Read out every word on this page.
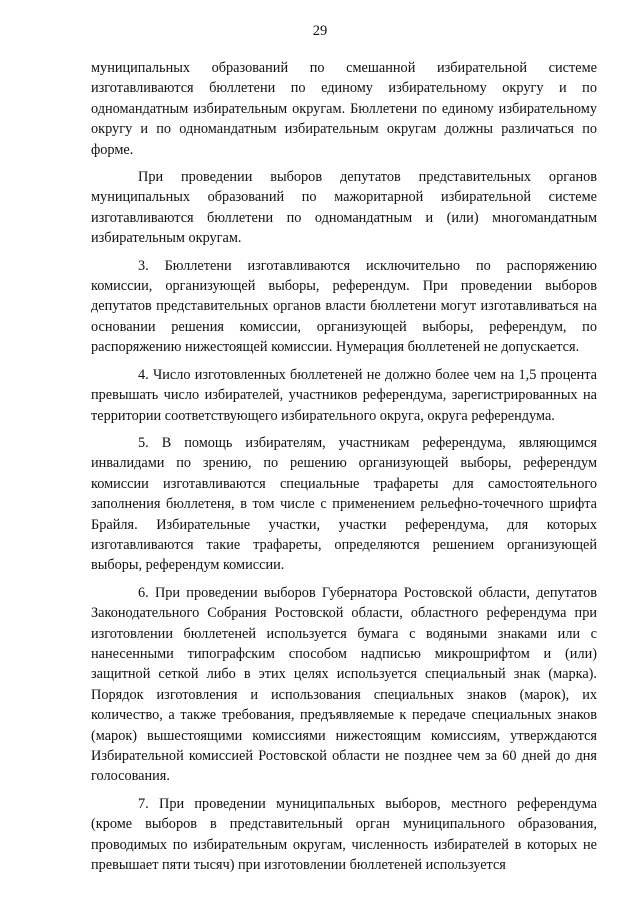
29

муниципальных образований по смешанной избирательной системе изготавливаются бюллетени по единому избирательному округу и по одномандатным избирательным округам. Бюллетени по единому избирательному округу и по одномандатным избирательным округам должны различаться по форме.

При проведении выборов депутатов представительных органов муниципальных образований по мажоритарной избирательной системе изготавливаются бюллетени по одномандатным и (или) многомандатным избирательным округам.

3. Бюллетени изготавливаются исключительно по распоряжению комиссии, организующей выборы, референдум. При проведении выборов депутатов представительных органов власти бюллетени могут изготавливаться на основании решения комиссии, организующей выборы, референдум, по распоряжению нижестоящей комиссии. Нумерация бюллетеней не допускается.

4. Число изготовленных бюллетеней не должно более чем на 1,5 процента превышать число избирателей, участников референдума, зарегистрированных на территории соответствующего избирательного округа, округа референдума.

5. В помощь избирателям, участникам референдума, являющимся инвалидами по зрению, по решению организующей выборы, референдум комиссии изготавливаются специальные трафареты для самостоятельного заполнения бюллетеня, в том числе с применением рельефно-точечного шрифта Брайля. Избирательные участки, участки референдума, для которых изготавливаются такие трафареты, определяются решением организующей выборы, референдум комиссии.

6. При проведении выборов Губернатора Ростовской области, депутатов Законодательного Собрания Ростовской области, областного референдума при изготовлении бюллетеней используется бумага с водяными знаками или с нанесенными типографским способом надписью микрошрифтом и (или) защитной сеткой либо в этих целях используется специальный знак (марка). Порядок изготовления и использования специальных знаков (марок), их количество, а также требования, предъявляемые к передаче специальных знаков (марок) вышестоящими комиссиями нижестоящим комиссиям, утверждаются Избирательной комиссией Ростовской области не позднее чем за 60 дней до дня голосования.

7. При проведении муниципальных выборов, местного референдума (кроме выборов в представительный орган муниципального образования, проводимых по избирательным округам, численность избирателей в которых не превышает пяти тысяч) при изготовлении бюллетеней используется
